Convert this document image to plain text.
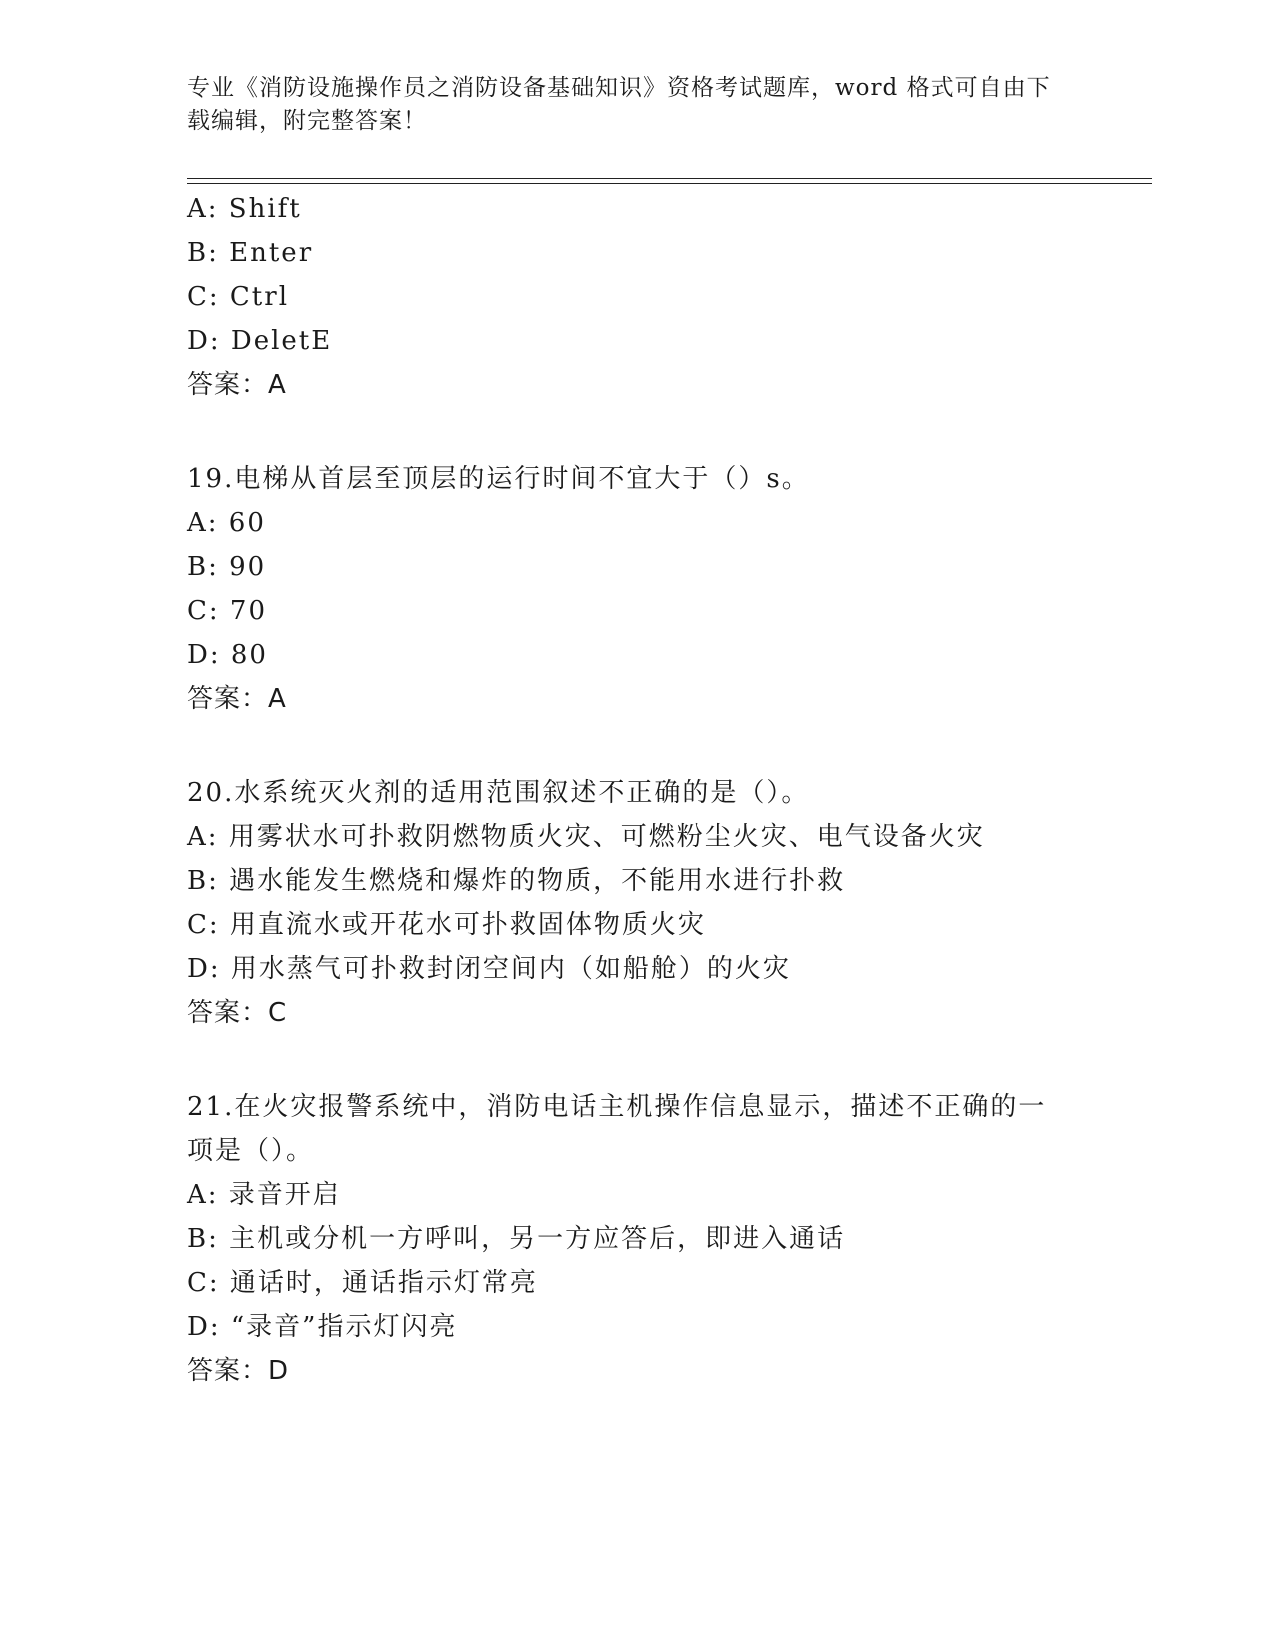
专业《消防设施操作员之消防设备基础知识》资格考试题库，word 格式可自由下
载编辑，附完整答案！
A: Shift
B: Enter
C: Ctrl
D: DeletE
答案：A
19.电梯从首层至顶层的运行时间不宜大于（）s。
A: 60
B: 90
C: 70
D: 80
答案：A
20.水系统灭火剂的适用范围叙述不正确的是（）。
A: 用雾状水可扑救阴燃物质火灾、可燃粉尘火灾、电气设备火灾
B: 遇水能发生燃烧和爆炸的物质，不能用水进行扑救
C: 用直流水或开花水可扑救固体物质火灾
D: 用水蒸气可扑救封闭空间内（如船舱）的火灾
答案：C
21.在火灾报警系统中，消防电话主机操作信息显示，描述不正确的一
项是（）。
A: 录音开启
B: 主机或分机一方呼叫，另一方应答后，即进入通话
C: 通话时，通话指示灯常亮
D: “录音”指示灯闪亮
答案：D
